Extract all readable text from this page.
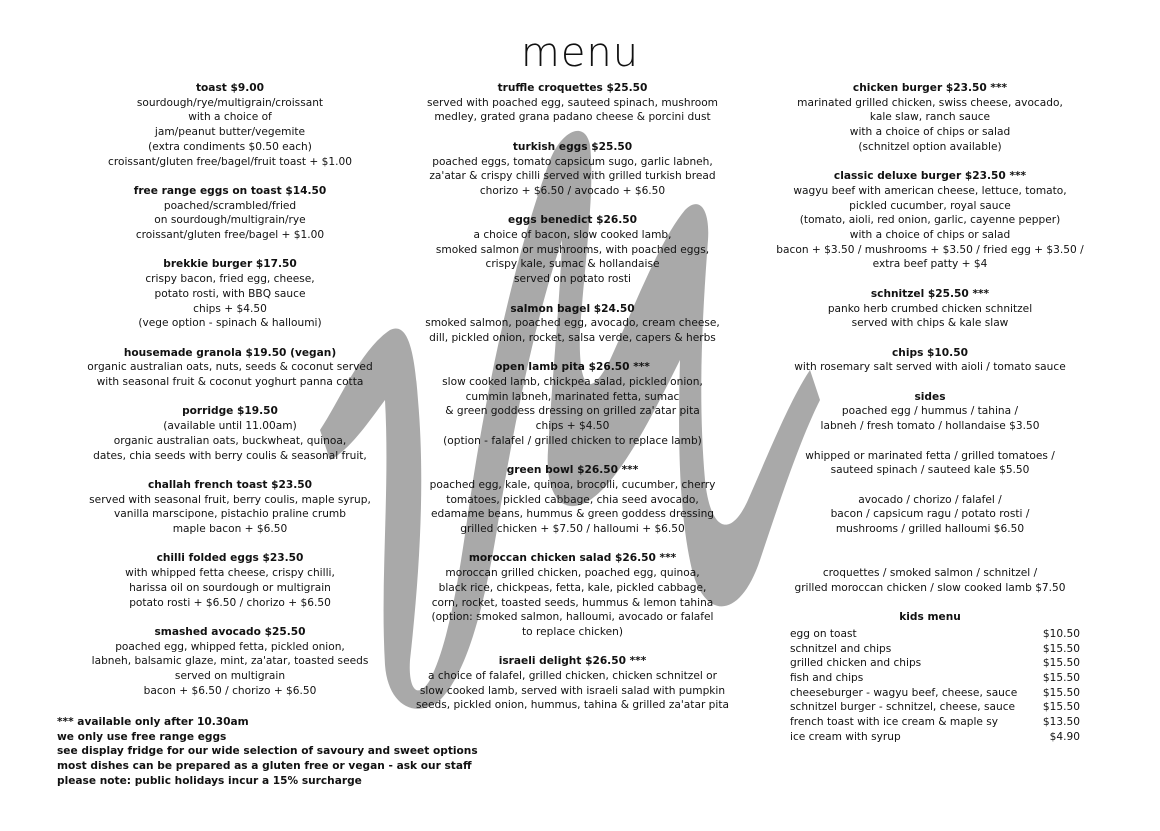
menu
toast $9.00
sourdough/rye/multigrain/croissant
with a choice of
jam/peanut butter/vegemite
(extra condiments $0.50 each)
croissant/gluten free/bagel/fruit toast + $1.00
free range eggs on toast $14.50
poached/scrambled/fried
on sourdough/multigrain/rye
croissant/gluten free/bagel + $1.00
brekkie burger $17.50
crispy bacon, fried egg, cheese,
potato rosti, with BBQ sauce
chips + $4.50
(vege option - spinach & halloumi)
housemade granola $19.50 (vegan)
organic australian oats, nuts, seeds & coconut served
with seasonal fruit & coconut yoghurt panna cotta
porridge $19.50
(available until 11.00am)
organic australian oats, buckwheat, quinoa,
dates, chia seeds with berry coulis & seasonal fruit,
challah french toast $23.50
served with seasonal fruit, berry coulis, maple syrup,
vanilla marscipone, pistachio praline crumb
maple bacon + $6.50
chilli folded eggs $23.50
with whipped fetta cheese, crispy chilli,
harissa oil on sourdough or multigrain
potato rosti + $6.50 / chorizo + $6.50
smashed avocado $25.50
poached egg, whipped fetta, pickled onion,
labneh, balsamic glaze, mint, za'atar, toasted seeds
served on multigrain
bacon + $6.50 / chorizo + $6.50
truffle croquettes $25.50
served with poached egg, sauteed spinach, mushroom
medley, grated grana padano cheese & porcini dust
turkish eggs $25.50
poached eggs, tomato capsicum sugo, garlic labneh,
za'atar & crispy chilli served with grilled turkish bread
chorizo + $6.50 / avocado + $6.50
eggs benedict $26.50
a choice of bacon, slow cooked lamb,
smoked salmon or mushrooms, with poached eggs,
crispy kale, sumac & hollandaise
served on potato rosti
salmon bagel $24.50
smoked salmon, poached egg, avocado, cream cheese,
dill, pickled onion, rocket, salsa verde, capers & herbs
open lamb pita $26.50 ***
slow cooked lamb, chickpea salad, pickled onion,
cummin labneh, marinated fetta, sumac
& green goddess dressing on grilled za'atar pita
chips + $4.50
(option - falafel / grilled chicken to replace lamb)
green bowl $26.50 ***
poached egg, kale, quinoa, brocolli, cucumber, cherry
tomatoes, pickled cabbage, chia seed avocado,
edamame beans, hummus & green goddess dressing
grilled chicken + $7.50 / halloumi + $6.50
moroccan chicken salad $26.50 ***
moroccan grilled chicken, poached egg, quinoa,
black rice, chickpeas, fetta, kale, pickled cabbage,
corn, rocket, toasted seeds, hummus & lemon tahina
(option: smoked salmon, halloumi, avocado or falafel
to replace chicken)
israeli delight $26.50 ***
a choice of falafel, grilled chicken, chicken schnitzel or
slow cooked lamb, served with israeli salad with pumpkin
seeds, pickled onion, hummus, tahina & grilled za'atar pita
chicken burger $23.50 ***
marinated grilled chicken, swiss cheese, avocado,
kale slaw, ranch sauce
with a choice of chips or salad
(schnitzel option available)
classic deluxe burger $23.50 ***
wagyu beef with american cheese, lettuce, tomato,
pickled cucumber, royal sauce
(tomato, aioli, red onion, garlic, cayenne pepper)
with a choice of chips or salad
bacon + $3.50 / mushrooms + $3.50 / fried egg + $3.50 /
extra beef patty + $4
schnitzel $25.50 ***
panko herb crumbed chicken schnitzel
served with chips & kale slaw
chips $10.50
with rosemary salt served with aioli / tomato sauce
sides
poached egg / hummus / tahina /
labneh / fresh tomato / hollandaise $3.50

whipped or marinated fetta / grilled tomatoes /
sauteed spinach / sauteed kale $5.50

avocado / chorizo / falafel /
bacon / capsicum ragu / potato rosti /
mushrooms / grilled halloumi $6.50

croquettes / smoked salmon / schnitzel /
grilled moroccan chicken / slow cooked lamb $7.50
kids menu
egg on toast	$10.50
schnitzel and chips	$15.50
grilled chicken and chips	$15.50
fish and chips	$15.50
cheeseburger - wagyu beef, cheese, sauce $15.50
schnitzel burger - schnitzel, cheese, sauce	$15.50
french toast with ice cream & maple sy	$13.50
ice cream with syrup	$4.90
*** available only after 10.30am
we only use free range eggs
see display fridge for our wide selection of savoury and sweet options
most dishes can be prepared as a gluten free or vegan - ask our staff
please note: public holidays incur a 15% surcharge
